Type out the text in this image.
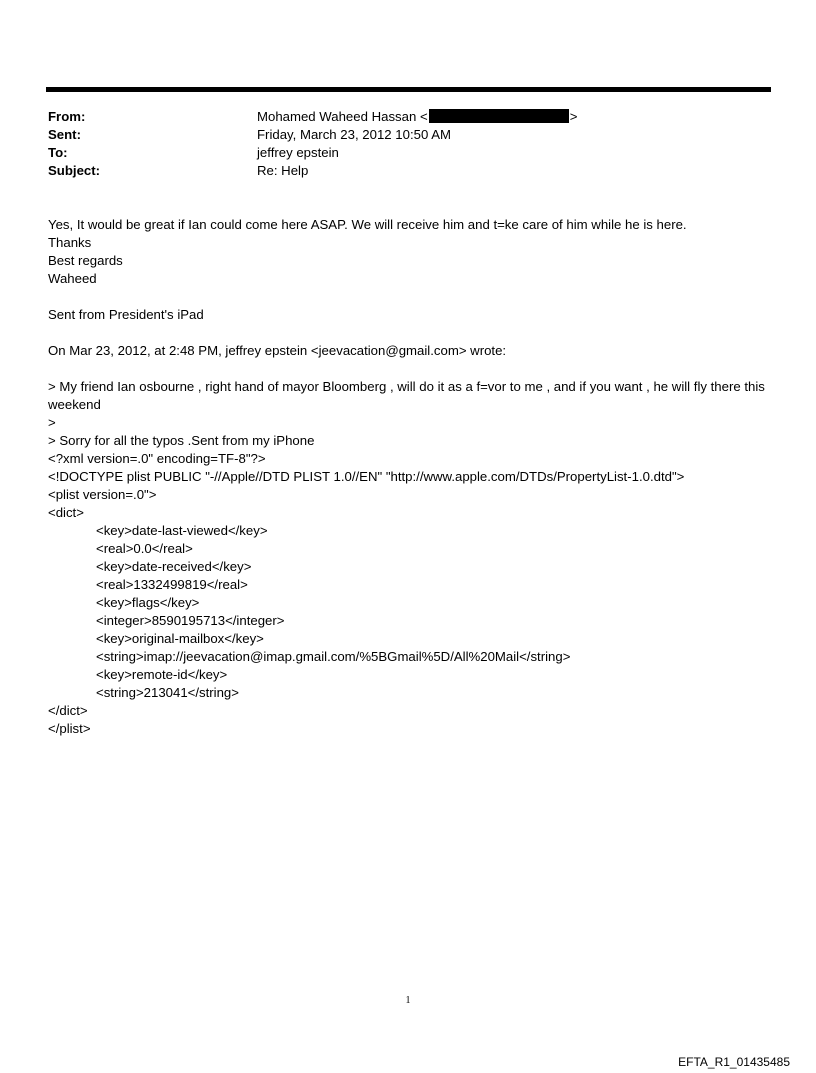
From:	Mohamed Waheed Hassan <	>
Sent:	Friday, March 23, 2012 10:50 AM
To:	jeffrey epstein
Subject:	Re: Help
Yes, It would be great if Ian could come here ASAP. We will receive him and t=ke care of him while he is here.
Thanks
Best regards
Waheed
Sent from President's iPad
On Mar 23, 2012, at 2:48 PM, jeffrey epstein <jeevacation@gmail.com> wrote:
> My friend Ian osbourne , right hand of mayor Bloomberg , will do it as a f=vor to me , and if you want , he will fly there this weekend
>
> Sorry for all the typos .Sent from my iPhone
<?xml version=.0" encoding=TF-8"?>
<!DOCTYPE plist PUBLIC "-//Apple//DTD PLIST 1.0//EN" "http://www.apple.com/DTDs/PropertyList-1.0.dtd">
<plist version=.0">
<dict>
<key>date-last-viewed</key>
<real>0.0</real>
<key>date-received</key>
<real>1332499819</real>
<key>flags</key>
<integer>8590195713</integer>
<key>original-mailbox</key>
<string>imap://jeevacation@imap.gmail.com/%5BGmail%5D/All%20Mail</string>
<key>remote-id</key>
<string>213041</string>
</dict>
</plist>
1
EFTA_R1_01435485
